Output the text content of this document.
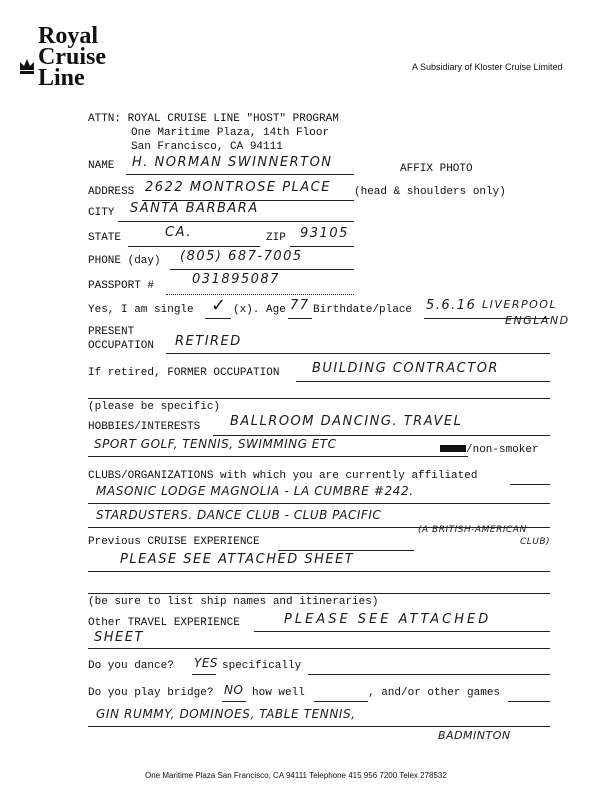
Royal
Cruise
Line	A Subsidiary of Kloster Cruise Limited
ATTN: ROYAL CRUISE LINE "HOST" PROGRAM
One Maritime Plaza, 14th Floor
San Francisco, CA 94111
NAME H. NORMAN SWINNERTON	AFFIX PHOTO
ADDRESS 2622 MONTROSE PLACE (head & shoulders only)
CITY SANTA BARBARA
STATE	CA.	ZIP 93105
PHONE (day) (805) 687-7005
PASSPORT #	031895087
Yes, I am single ✓ (x). Age 77 Birthdate/place 5.6.16 LIVERPOOL
ENGLAND
PRESENT
OCCUPATION RETIRED
If retired, FORMER OCCUPATION	BUILDING CONTRACTOR
(please be specific)
HOBBIES/INTERESTS BALLROOM DANCING. TRAVEL
SPORT GOLF, TENNIS, SWIMMING ETC	/non-smoker
CLUBS/ORGANIZATIONS with which you are currently affiliated
MASONIC LODGE MAGNOLIA - LA CUMBRE #242.
STARDUSTERS. DANCE CLUB - CLUB PACIFIC
(A BRITISH-AMERICAN
CLUB)
Previous CRUISE EXPERIENCE
PLEASE SEE ATTACHED SHEET
(be sure to list ship names and itineraries)
Other TRAVEL EXPERIENCE	PLEASE SEE ATTACHED
SHEET
Do you dance? YES specifically
Do you play bridge? NO how well	, and/or other games
GIN RUMMY, DOMINOES, TABLE TENNIS,
BADMINTON
One Maritime Plaza San Francisco, CA 94111 Telephone 415 956 7200 Telex 278532
